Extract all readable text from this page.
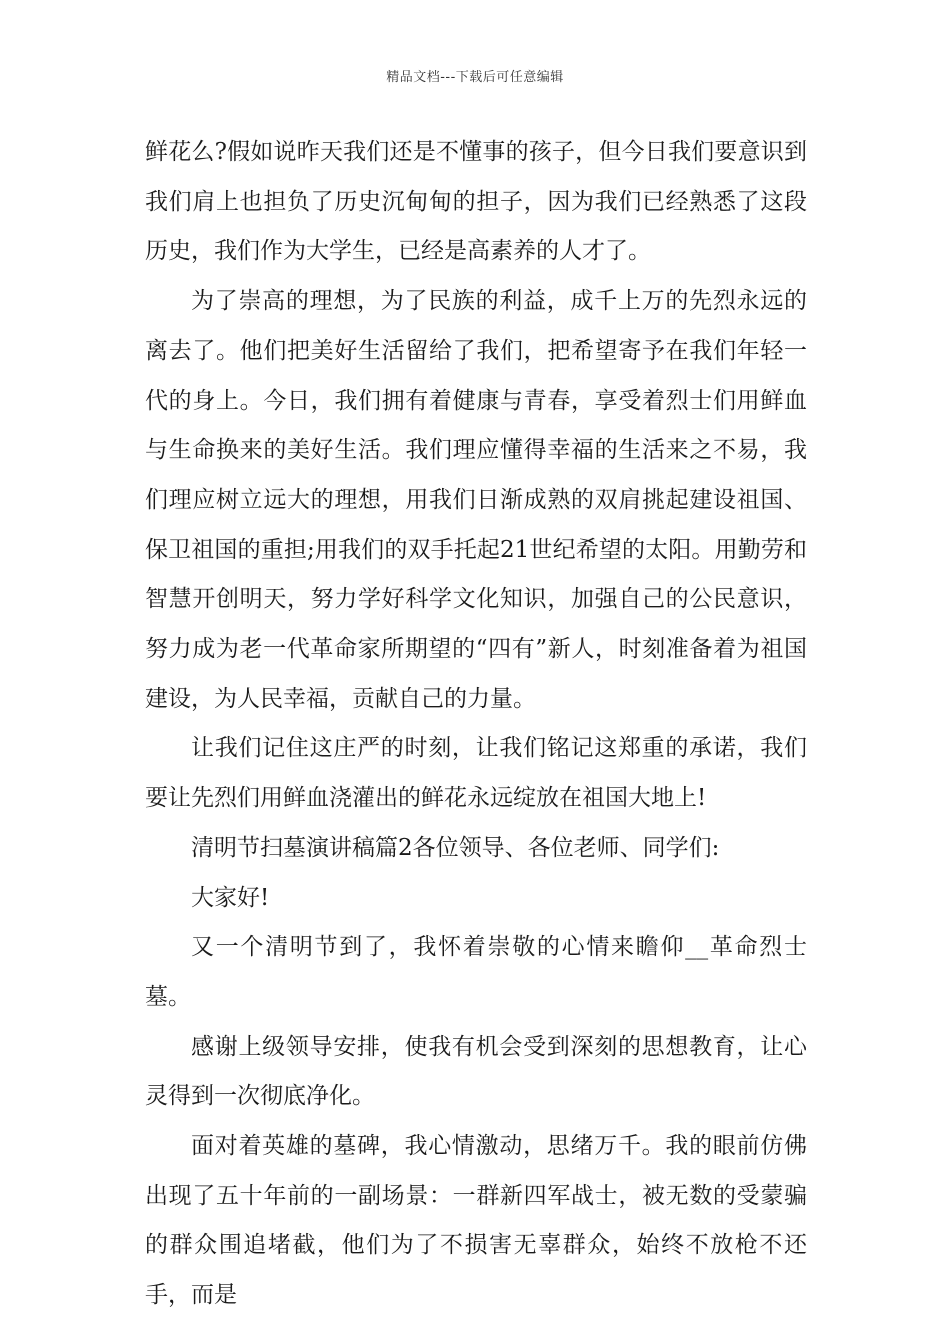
精品文档---下载后可任意编辑

鲜花么?假如说昨天我们还是不懂事的孩子，但今日我们要意识到我们肩上也担负了历史沉甸甸的担子，因为我们已经熟悉了这段历史，我们作为大学生，已经是高素养的人才了。

为了崇高的理想，为了民族的利益，成千上万的先烈永远的离去了。他们把美好生活留给了我们，把希望寄予在我们年轻一代的身上。今日，我们拥有着健康与青春，享受着烈士们用鲜血与生命换来的美好生活。我们理应懂得幸福的生活来之不易，我们理应树立远大的理想，用我们日渐成熟的双肩挑起建设祖国、保卫祖国的重担;用我们的双手托起21世纪希望的太阳。用勤劳和智慧开创明天，努力学好科学文化知识，加强自己的公民意识，努力成为老一代革命家所期望的“四有”新人，时刻准备着为祖国建设，为人民幸福，贡献自己的力量。

让我们记住这庄严的时刻，让我们铭记这郑重的承诺，我们要让先烈们用鲜血浇灌出的鲜花永远绽放在祖国大地上!

清明节扫墓演讲稿篇2各位领导、各位老师、同学们:

大家好!

又一个清明节到了，我怀着崇敬的心情来瞻仰__革命烈士墓。

感谢上级领导安排，使我有机会受到深刻的思想教育，让心灵得到一次彻底净化。

面对着英雄的墓碑，我心情激动，思绪万千。我的眼前仿佛出现了五十年前的一副场景：一群新四军战士，被无数的受蒙骗的群众围追堵截，他们为了不损害无辜群众，始终不放枪不还手，而是
